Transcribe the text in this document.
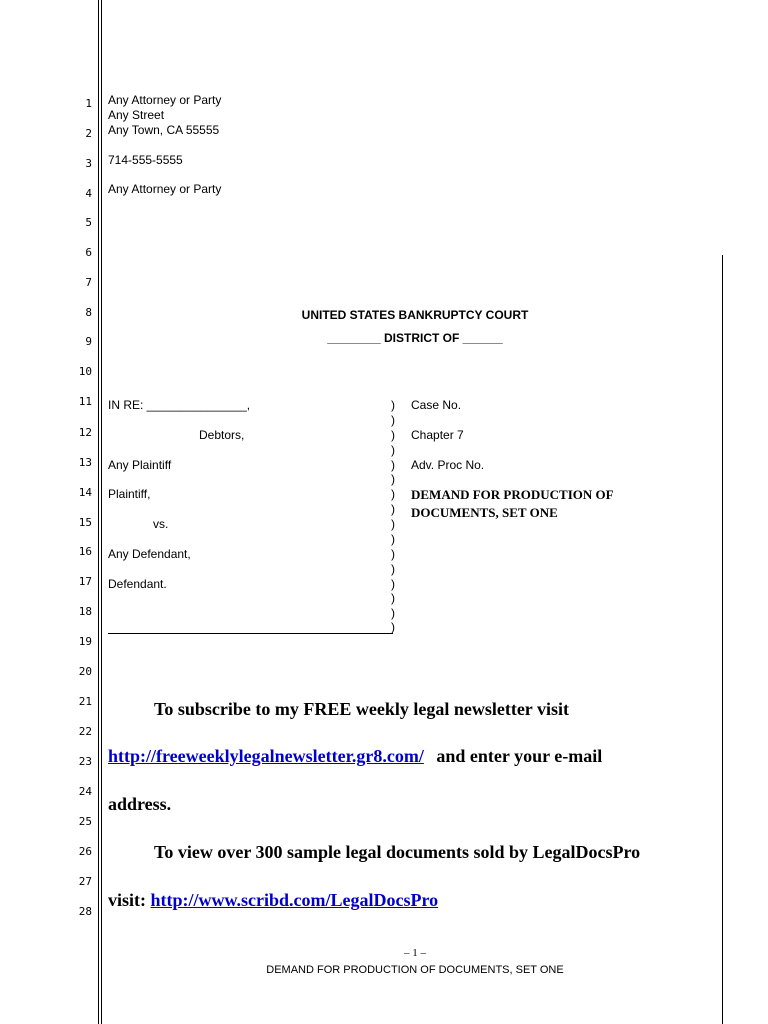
1
2
3
4
5
6
7
8
9
10
11
12
13
14
15
16
17
18
19
20
21
22
23
24
25
26
27
28
Any Attorney or Party
Any Street
Any Town, CA 55555
714-555-5555
Any Attorney or Party
UNITED STATES BANKRUPTCY COURT
________ DISTRICT OF ______
IN RE: _______________,
Debtors,
Any Plaintiff
Plaintiff,
vs.
Any Defendant,
Defendant.
)
)
)
)
)
)
)
)
)
)
)
)
)
)
)
)
Case No.
Chapter 7
Adv. Proc No.
DEMAND FOR PRODUCTION OF
DOCUMENTS, SET ONE
To subscribe to my FREE weekly legal newsletter visit
http://freeweeklylegalnewsletter.gr8.com/ and enter your e-mail
address.
To view over 300 sample legal documents sold by LegalDocsPro
visit: http://www.scribd.com/LegalDocsPro
– 1 –
DEMAND FOR PRODUCTION OF DOCUMENTS, SET ONE
